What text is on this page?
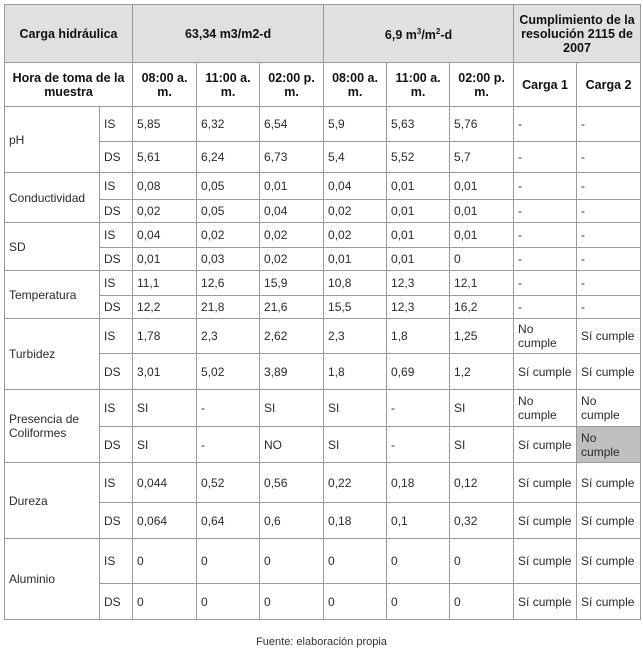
Carga hidráulica		63,34 m3/m2-d			6,9 $m^3/m^2-d$			Cumplimiento de la resolución 2115 de 2007	
Hora de toma de la muestra		08:00 a. m.	11:00 a. m.	02:00 p. m.	08:00 a. m.	11:00 a. m.	02:00 p. m.	Carga 1	Carga 2
pH	IS	5,85	6,32	6,54	5,9	5,63	5,76	-	-
	DS	5,61	6,24	6,73	5,4	5,52	5,7	-	-
Conductividad	IS	0,08	0,05	0,01	0,04	0,01	0,01	-	-
	DS	0,02	0,05	0,04	0,02	0,01	0,01	-	-
SD	IS	0,04	0,02	0,02	0,02	0,01	0,01	-	-
	DS	0,01	0,03	0,02	0,01	0,01	0	-	-
Temperatura	IS	11,1	12,6	15,9	10,8	12,3	12,1	-	-
	DS	12,2	21,8	21,6	15,5	12,3	16,2	-	-
Turbidez	IS	1,78	2,3	2,62	2,3	1,8	1,25	No cumple	Sí cumple
	DS	3,01	5,02	3,89	1,8	0,69	1,2	Sí cumple	Sí cumple
Presencia de Coliformes	IS	SI	-	SI	SI	-	SI	No cumple	No cumple
	DS	SI	-	NO	SI	-	SI	Sí cumple	No cumple
Dureza	IS	0,044	0,52	0,56	0,22	0,18	0,12	Sí cumple	Sí cumple
	DS	0,064	0,64	0,6	0,18	0,1	0,32	Sí cumple	Sí cumple
Aluminio	IS	0	0	0	0	0	0	Sí cumple	Sí cumple
	DS	0	0	0	0	0	0	Sí cumple	Sí cumple
Fuente: elaboración propia
